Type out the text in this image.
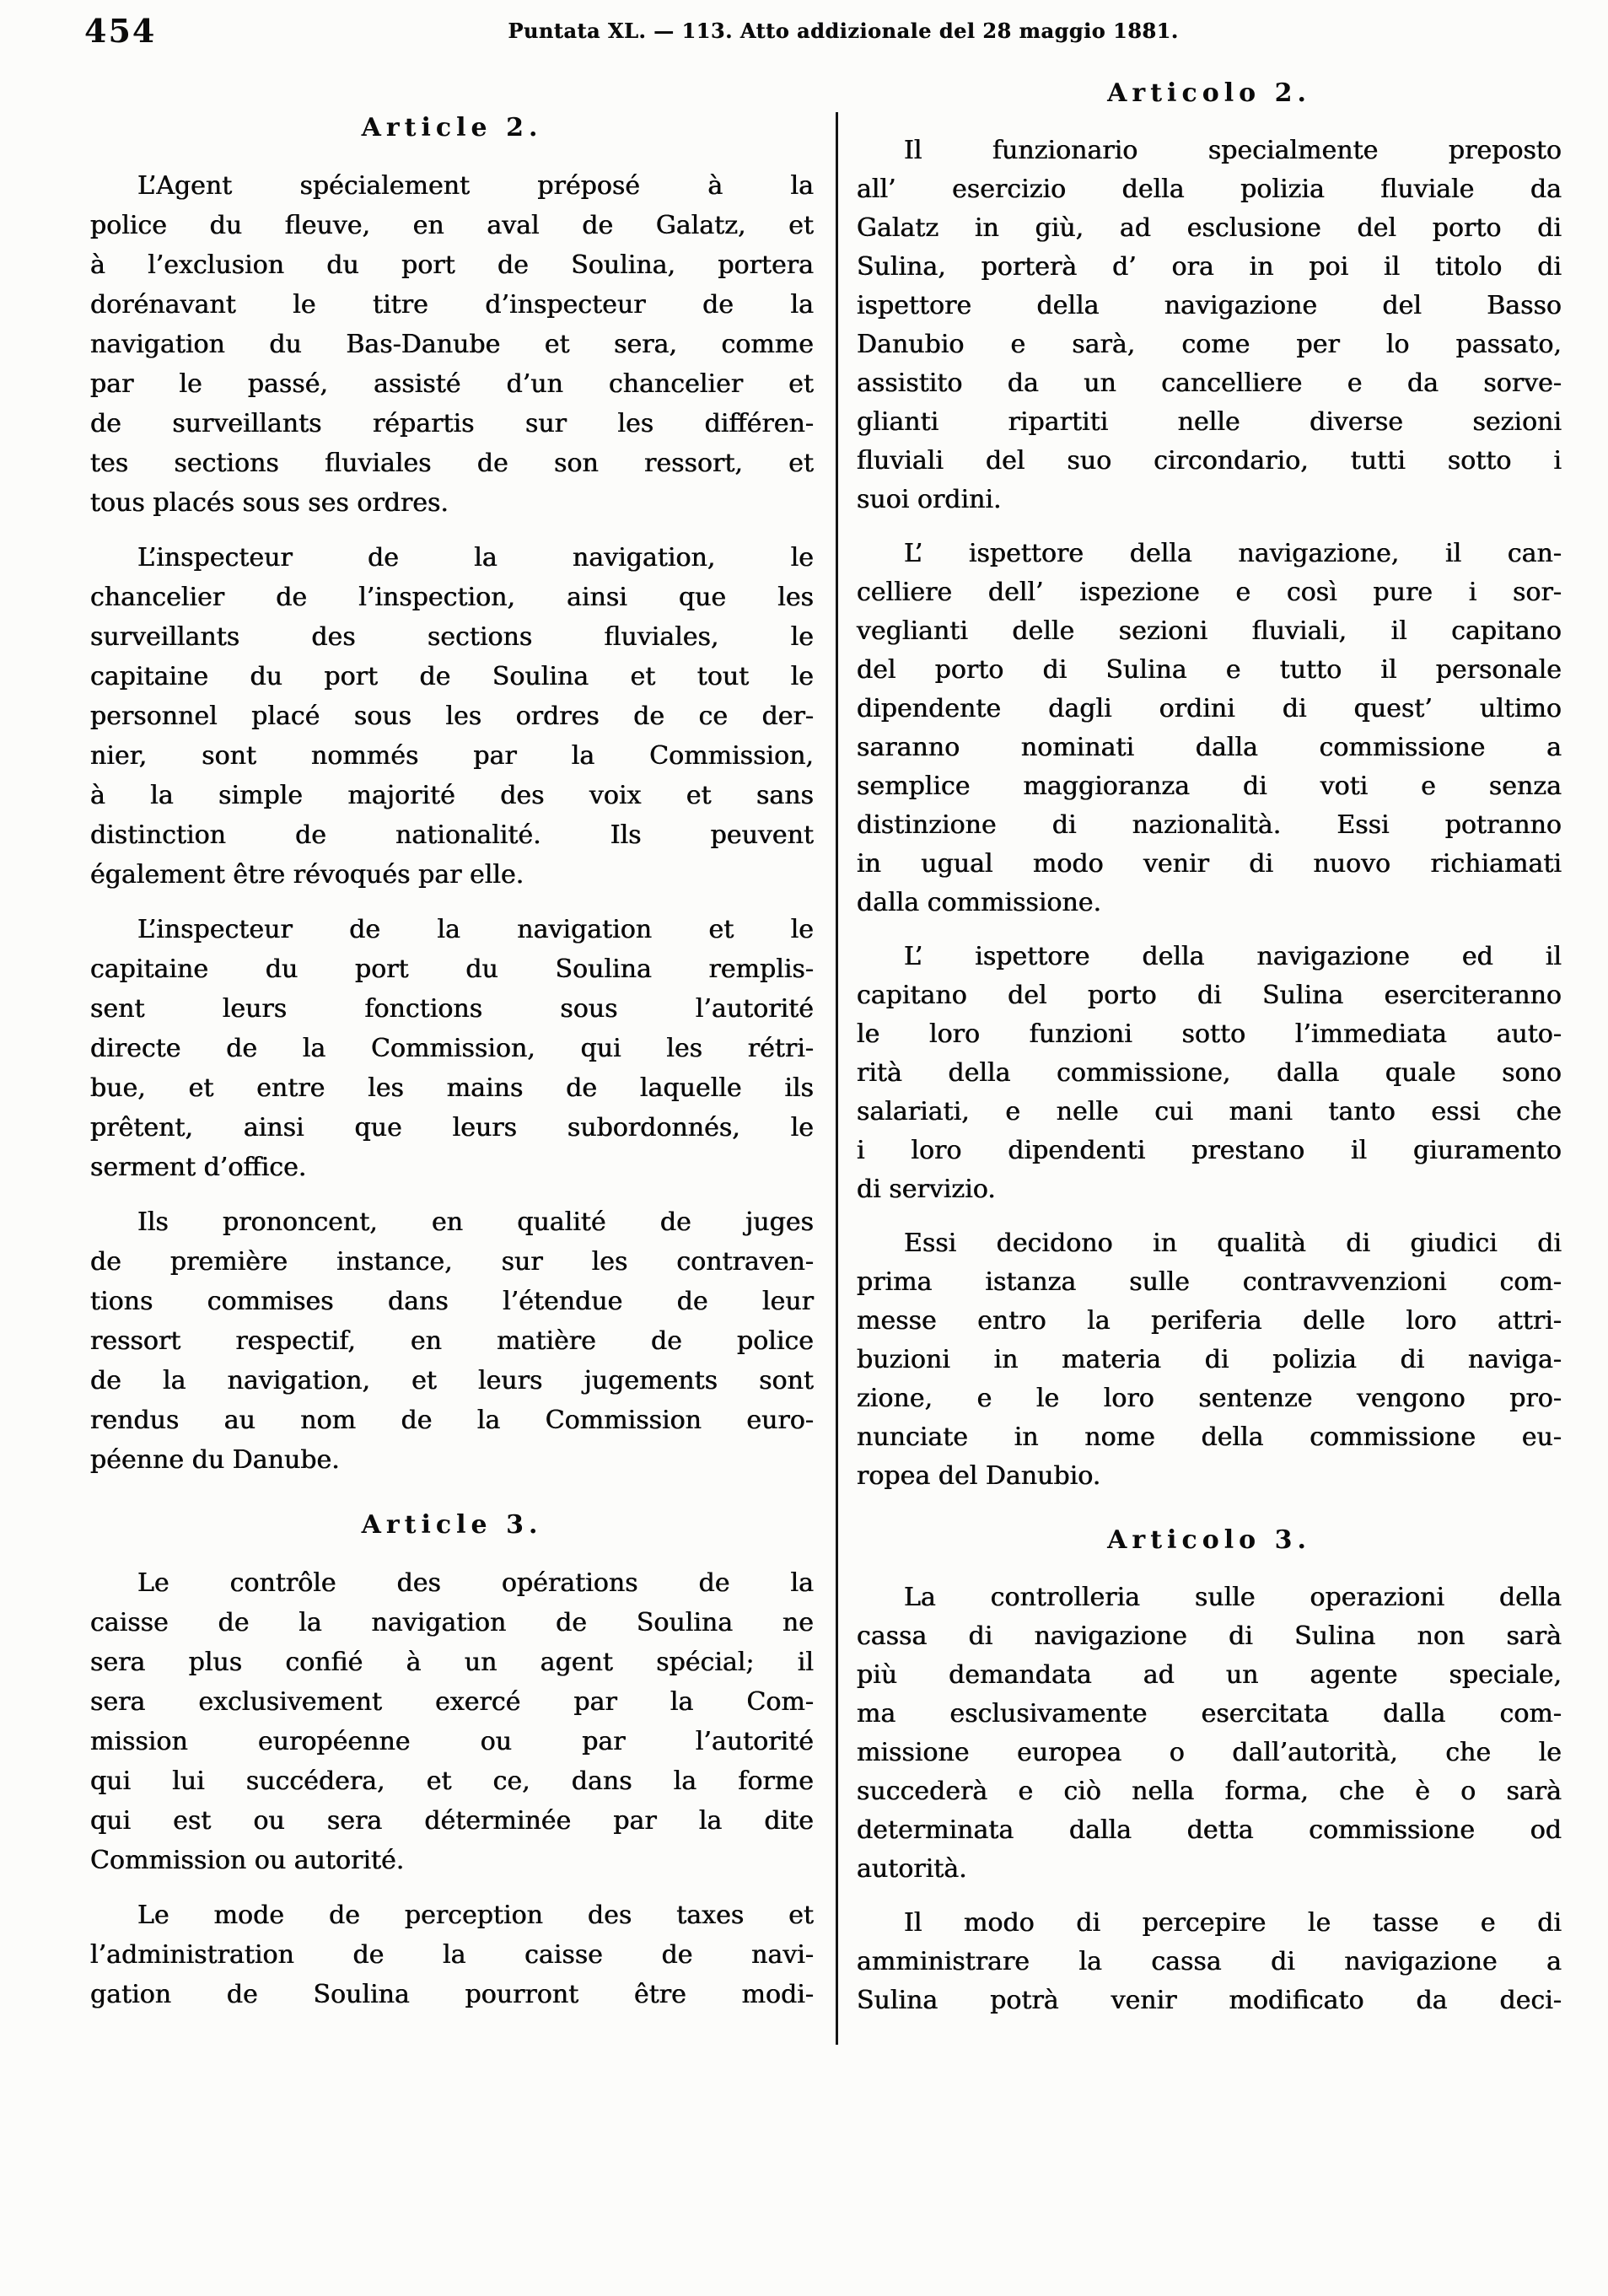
454	Puntata XL. — 113. Atto addizionale del 28 maggio 1881.
Article 2.
L’Agent spécialement préposé à la
police du fleuve, en aval de Galatz, et
à l’exclusion du port de Soulina, portera
dorénavant le titre d’inspecteur de la
navigation du Bas-Danube et sera, comme
par le passé, assisté d’un chancelier et
de surveillants répartis sur les différen-
tes sections fluviales de son ressort, et
tous placés sous ses ordres.
L’inspecteur de la navigation, le
chancelier de l’inspection, ainsi que les
surveillants des sections fluviales, le
capitaine du port de Soulina et tout le
personnel placé sous les ordres de ce der-
nier, sont nommés par la Commission,
à la simple majorité des voix et sans
distinction de nationalité. Ils peuvent
également être révoqués par elle.
L’inspecteur de la navigation et le
capitaine du port du Soulina remplis-
sent leurs fonctions sous l’autorité
directe de la Commission, qui les rétri-
bue, et entre les mains de laquelle ils
prêtent, ainsi que leurs subordonnés, le
serment d’office.
Ils prononcent, en qualité de juges
de première instance, sur les contraven-
tions commises dans l’étendue de leur
ressort respectif, en matière de police
de la navigation, et leurs jugements sont
rendus au nom de la Commission euro-
péenne du Danube.
Article 3.
Le contrôle des opérations de la
caisse de la navigation de Soulina ne
sera plus confié à un agent spécial; il
sera exclusivement exercé par la Com-
mission européenne ou par l’autorité
qui lui succédera, et ce, dans la forme
qui est ou sera déterminée par la dite
Commission ou autorité.
Le mode de perception des taxes et
l’administration de la caisse de navi-
gation de Soulina pourront être modi-
Articolo 2.
Il funzionario specialmente preposto
all’ esercizio della polizia fluviale da
Galatz in giù, ad esclusione del porto di
Sulina, porterà d’ ora in poi il titolo di
ispettore della navigazione del Basso
Danubio e sarà, come per lo passato,
assistito da un cancelliere e da sorve-
glianti ripartiti nelle diverse sezioni
fluviali del suo circondario, tutti sotto i
suoi ordini.
L’ ispettore della navigazione, il can-
celliere dell’ ispezione e così pure i sor-
veglianti delle sezioni fluviali, il capitano
del porto di Sulina e tutto il personale
dipendente dagli ordini di quest’ ultimo
saranno nominati dalla commissione a
semplice maggioranza di voti e senza
distinzione di nazionalità. Essi potranno
in ugual modo venir di nuovo richiamati
dalla commissione.
L’ ispettore della navigazione ed il
capitano del porto di Sulina eserciteranno
le loro funzioni sotto l’immediata auto-
rità della commissione, dalla quale sono
salariati, e nelle cui mani tanto essi che
i loro dipendenti prestano il giuramento
di servizio.
Essi decidono in qualità di giudici di
prima istanza sulle contravvenzioni com-
messe entro la periferia delle loro attri-
buzioni in materia di polizia di naviga-
zione, e le loro sentenze vengono pro-
nunciate in nome della commissione eu-
ropea del Danubio.
Articolo 3.
La controlleria sulle operazioni della
cassa di navigazione di Sulina non sarà
più demandata ad un agente speciale,
ma esclusivamente esercitata dalla com-
missione europea o dall’autorità, che le
succederà e ciò nella forma, che è o sarà
determinata dalla detta commissione od
autorità.
Il modo di percepire le tasse e di
amministrare la cassa di navigazione a
Sulina potrà venir modificato da deci-
